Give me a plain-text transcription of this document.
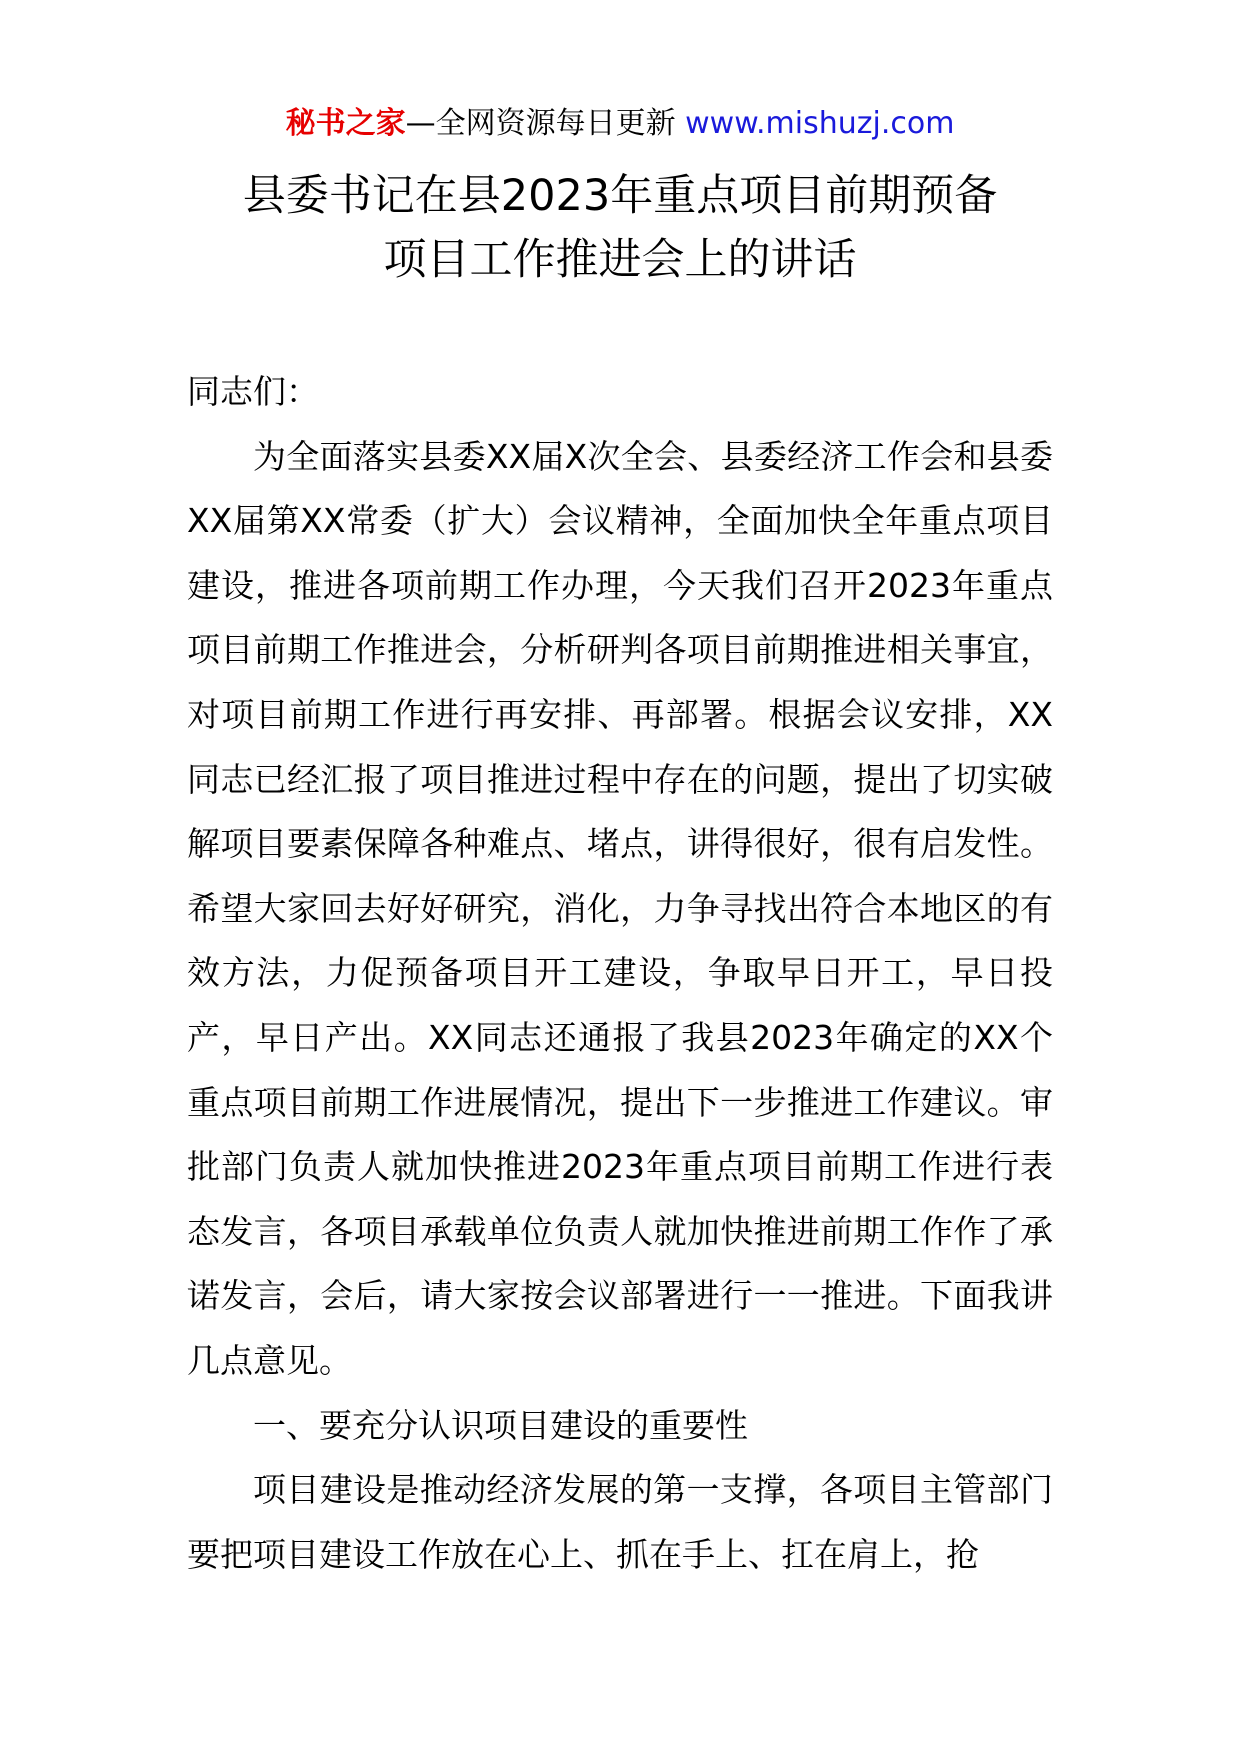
秘书之家—全网资源每日更新 www.mishuzj.com
县委书记在县2023年重点项目前期预备
项目工作推进会上的讲话

同志们：

为全面落实县委XX届X次全会、县委经济工作会和县委XX届第XX常委（扩大）会议精神，全面加快全年重点项目建设，推进各项前期工作办理，今天我们召开2023年重点项目前期工作推进会，分析研判各项目前期推进相关事宜，对项目前期工作进行再安排、再部署。根据会议安排，XX同志已经汇报了项目推进过程中存在的问题，提出了切实破解项目要素保障各种难点、堵点，讲得很好，很有启发性。希望大家回去好好研究，消化，力争寻找出符合本地区的有效方法，力促预备项目开工建设，争取早日开工，早日投产，早日产出。XX同志还通报了我县2023年确定的XX个重点项目前期工作进展情况，提出下一步推进工作建议。审批部门负责人就加快推进2023年重点项目前期工作进行表态发言，各项目承载单位负责人就加快推进前期工作作了承诺发言，会后，请大家按会议部署进行一一推进。下面我讲几点意见。

一、要充分认识项目建设的重要性

项目建设是推动经济发展的第一支撑，各项目主管部门要把项目建设工作放在心上、抓在手上、扛在肩上，抢
